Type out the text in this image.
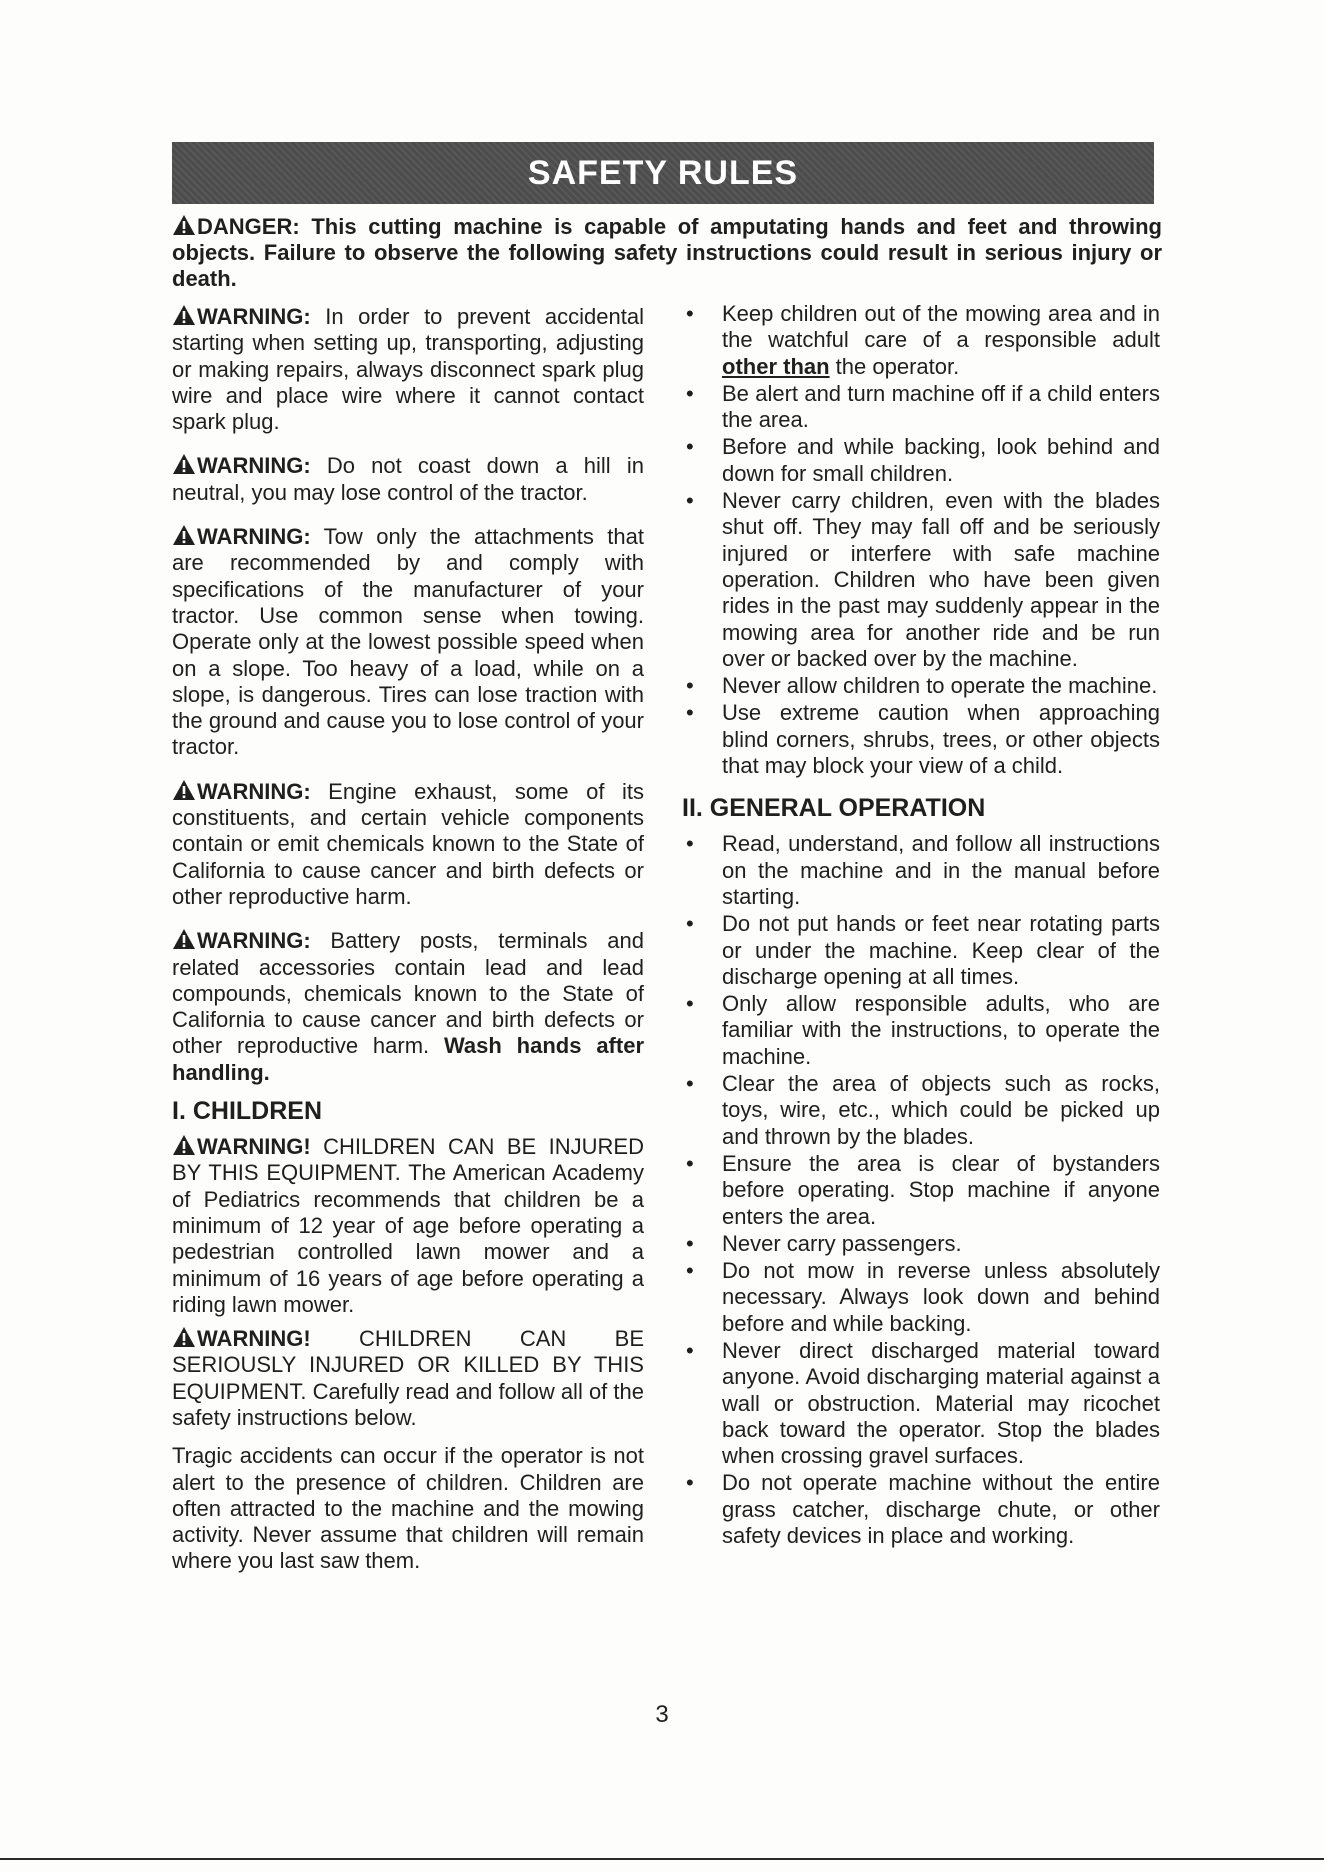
SAFETY RULES
DANGER: This cutting machine is capable of amputating hands and feet and throwing objects. Failure to observe the following safety instructions could result in serious injury or death.

WARNING: In order to prevent accidental starting when setting up, transporting, adjusting or making repairs, always disconnect spark plug wire and place wire where it cannot contact spark plug.

WARNING: Do not coast down a hill in neutral, you may lose control of the tractor.

WARNING: Tow only the attachments that are recommended by and comply with specifications of the manufacturer of your tractor. Use common sense when towing. Operate only at the lowest possible speed when on a slope. Too heavy of a load, while on a slope, is dangerous. Tires can lose traction with the ground and cause you to lose control of your tractor.

WARNING: Engine exhaust, some of its constituents, and certain vehicle components contain or emit chemicals known to the State of California to cause cancer and birth defects or other reproductive harm.

WARNING: Battery posts, terminals and related accessories contain lead and lead compounds, chemicals known to the State of California to cause cancer and birth defects or other reproductive harm. Wash hands after handling.

I. CHILDREN

WARNING! CHILDREN CAN BE INJURED BY THIS EQUIPMENT. The American Academy of Pediatrics recommends that children be a minimum of 12 year of age before operating a pedestrian controlled lawn mower and a minimum of 16 years of age before operating a riding lawn mower.

WARNING! CHILDREN CAN BE SERIOUSLY INJURED OR KILLED BY THIS EQUIPMENT. Carefully read and follow all of the safety instructions below.

Tragic accidents can occur if the operator is not alert to the presence of children. Children are often attracted to the machine and the mowing activity. Never assume that children will remain where you last saw them.

• Keep children out of the mowing area and in the watchful care of a responsible adult other than the operator.
• Be alert and turn machine off if a child enters the area.
• Before and while backing, look behind and down for small children.
• Never carry children, even with the blades shut off. They may fall off and be seriously injured or interfere with safe machine operation. Children who have been given rides in the past may suddenly appear in the mowing area for another ride and be run over or backed over by the machine.
• Never allow children to operate the machine.
• Use extreme caution when approaching blind corners, shrubs, trees, or other objects that may block your view of a child.
II. GENERAL OPERATION
• Read, understand, and follow all instructions on the machine and in the manual before starting.
• Do not put hands or feet near rotating parts or under the machine. Keep clear of the discharge opening at all times.
• Only allow responsible adults, who are familiar with the instructions, to operate the machine.
• Clear the area of objects such as rocks, toys, wire, etc., which could be picked up and thrown by the blades.
• Ensure the area is clear of bystanders before operating. Stop machine if anyone enters the area.
• Never carry passengers.
• Do not mow in reverse unless absolutely necessary. Always look down and behind before and while backing.
• Never direct discharged material toward anyone. Avoid discharging material against a wall or obstruction. Material may ricochet back toward the operator. Stop the blades when crossing gravel surfaces.
• Do not operate machine without the entire grass catcher, discharge chute, or other safety devices in place and working.
3
